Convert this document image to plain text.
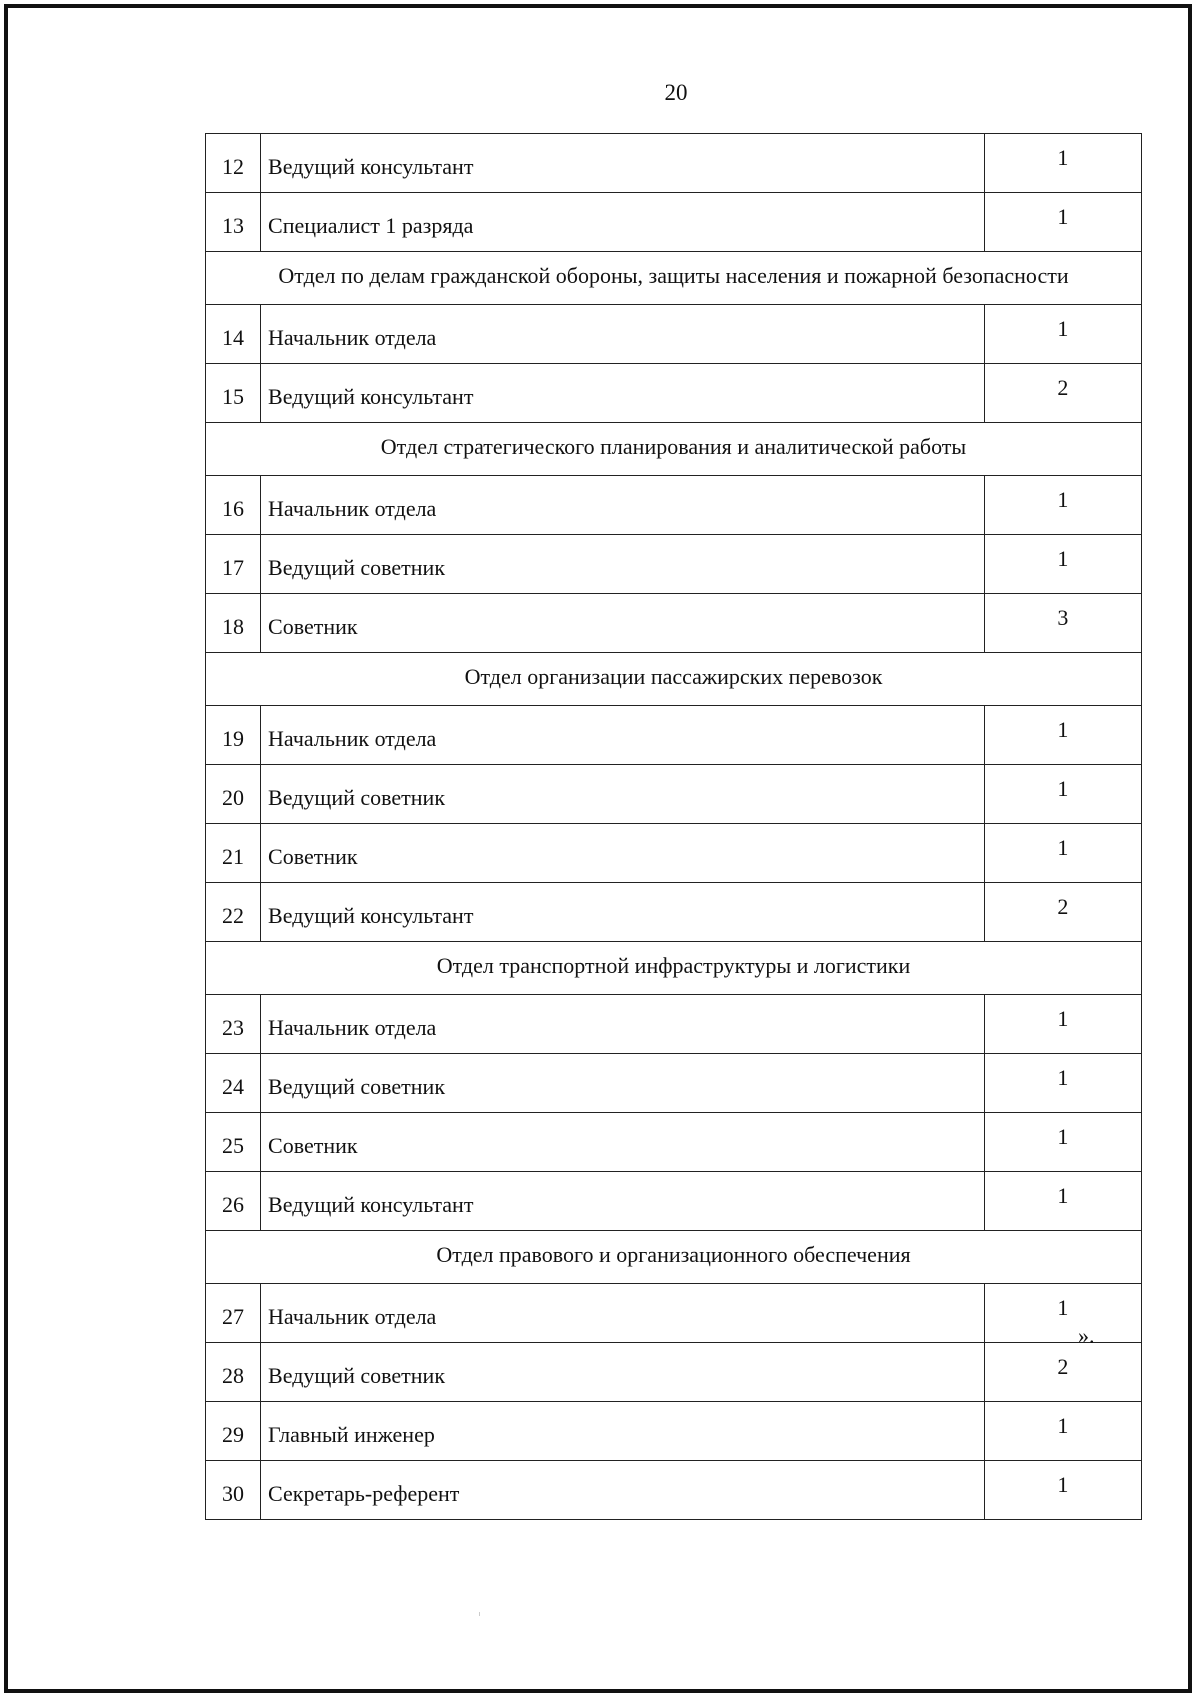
20
12	Ведущий консультант	1
13	Специалист 1 разряда	1
Отдел по делам гражданской обороны, защиты населения и пожарной безопасности		
14	Начальник отдела	1
15	Ведущий консультант	2
Отдел стратегического планирования и аналитической работы		
16	Начальник отдела	1
17	Ведущий советник	1
18	Советник	3
Отдел организации пассажирских перевозок		
19	Начальник отдела	1
20	Ведущий советник	1
21	Советник	1
22	Ведущий консультант	2
Отдел транспортной инфраструктуры и логистики		
23	Начальник отдела	1
24	Ведущий советник	1
25	Советник	1
26	Ведущий консультант	1
Отдел правового и организационного обеспечения		
27	Начальник отдела	1
28	Ведущий советник	2
29	Главный инженер	1
30	Секретарь-референт	1
».
